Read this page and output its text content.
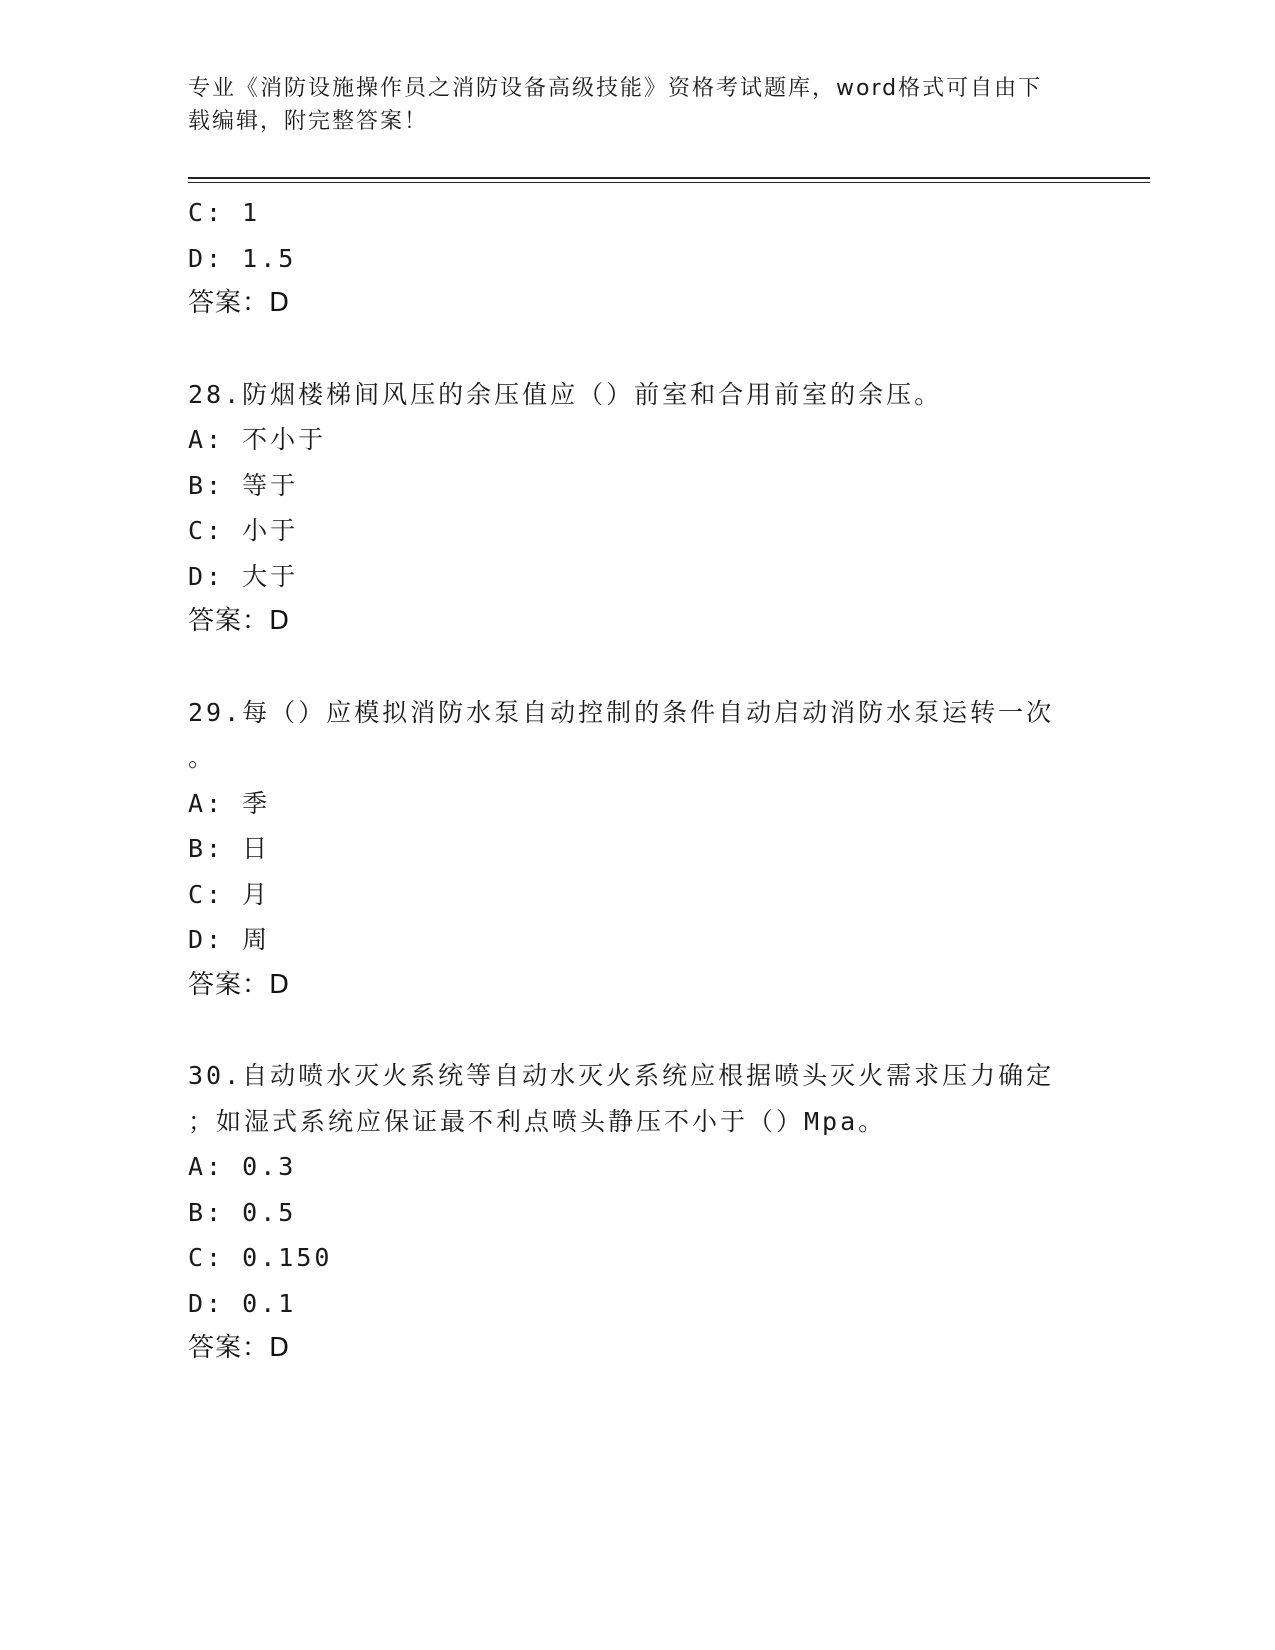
专业《消防设施操作员之消防设备高级技能》资格考试题库，word格式可自由下
载编辑，附完整答案！
C: 1
D: 1.5
答案：D
28.防烟楼梯间风压的余压值应（）前室和合用前室的余压。
A: 不小于
B: 等于
C: 小于
D: 大于
答案：D
29.每（）应模拟消防水泵自动控制的条件自动启动消防水泵运转一次
。
A: 季
B: 日
C: 月
D: 周
答案：D
30.自动喷水灭火系统等自动水灭火系统应根据喷头灭火需求压力确定
；如湿式系统应保证最不利点喷头静压不小于（）Mpa。
A: 0.3
B: 0.5
C: 0.150
D: 0.1
答案：D
